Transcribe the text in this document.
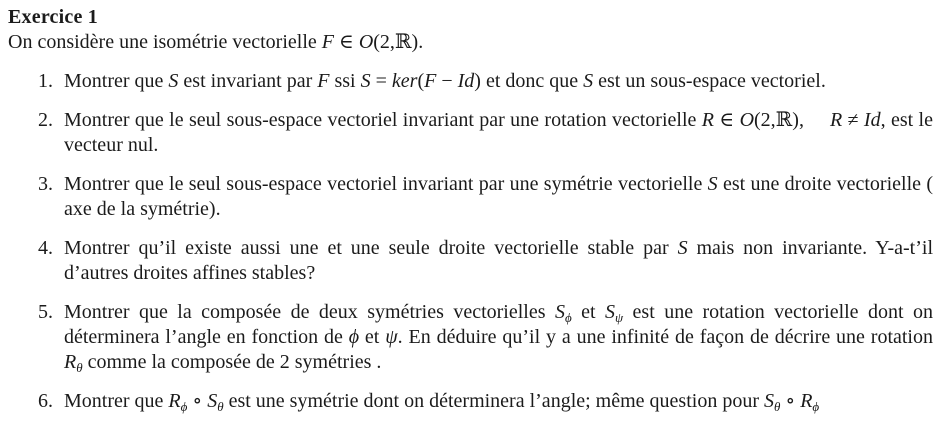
Exercice 1
On considère une isométrie vectorielle F ∈ O(2,ℝ).
1. Montrer que S est invariant par F ssi S = ker(F − Id) et donc que S est un sous-espace vectoriel.
2. Montrer que le seul sous-espace vectoriel invariant par une rotation vectorielle R ∈ O(2,ℝ), R ≠ Id, est le vecteur nul.
3. Montrer que le seul sous-espace vectoriel invariant par une symétrie vectorielle S est une droite vectorielle ( axe de la symétrie).
4. Montrer qu’il existe aussi une et une seule droite vectorielle stable par S mais non invariante. Y-a-t’il d’autres droites affines stables?
5. Montrer que la composée de deux symétries vectorielles $S_\phi$ et $S_\psi$ est une rotation vectorielle dont on déterminera l’angle en fonction de ϕ et ψ. En déduire qu’il y a une infinité de façon de décrire une rotation $R_\theta$ comme la composée de 2 symétries .
6. Montrer que $R_\phi$ ∘ $S_\theta$ est une symétrie dont on déterminera l’angle; même question pour $S_\theta$ ∘ $R_\phi$
